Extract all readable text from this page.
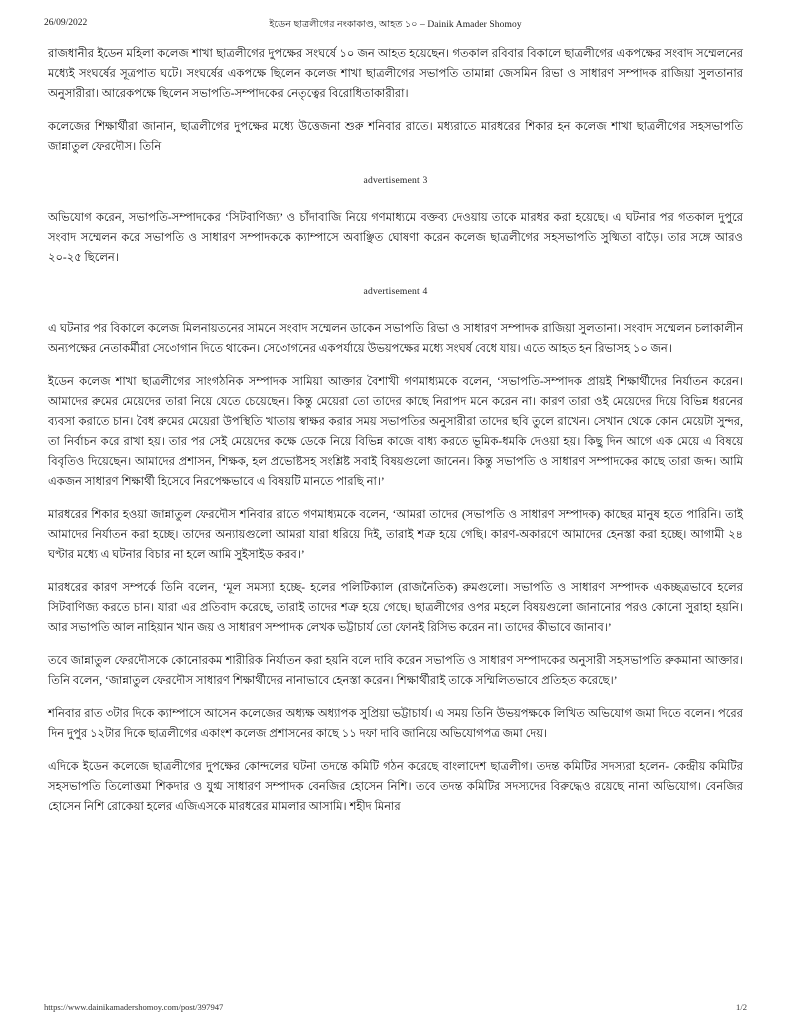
26/09/2022	ইডেন ছাত্রলীগের নংকাকাণ্ড, আহত ১০ – Dainik Amader Shomoy

রাজধানীর ইডেন মহিলা কলেজ শাখা ছাত্রলীগের দুপক্ষের সংঘর্ষে ১০ জন আহত হয়েছেন। গতকাল রবিবার বিকালে ছাত্রলীগের একপক্ষের সংবাদ সম্মেলনের মধ্যেই সংঘর্ষের সূত্রপাত ঘটে। সংঘর্ষের একপক্ষে ছিলেন কলেজ শাখা ছাত্রলীগের সভাপতি তামান্না জেসমিন রিভা ও সাধারণ সম্পাদক রাজিয়া সুলতানার অনুসারীরা। আরেকপক্ষে ছিলেন সভাপতি-সম্পাদকের নেতৃত্বের বিরোধিতাকারীরা।

কলেজের শিক্ষার্থীরা জানান, ছাত্রলীগের দুপক্ষের মধ্যে উত্তেজনা শুরু শনিবার রাতে। মধ্যরাতে মারধরের শিকার হন কলেজ শাখা ছাত্রলীগের সহসভাপতি জান্নাতুল ফেরদৌস। তিনি

advertisement 3

অভিযোগ করেন, সভাপতি-সম্পাদকের ‘সিটবাণিজ্য’ ও চাঁদাবাজি নিয়ে গণমাধ্যমে বক্তব্য দেওয়ায় তাকে মারধর করা হয়েছে। এ ঘটনার পর গতকাল দুপুরে সংবাদ সম্মেলন করে সভাপতি ও সাধারণ সম্পাদককে ক্যাম্পাসে অবাঞ্ছিত ঘোষণা করেন কলেজ ছাত্রলীগের সহসভাপতি সুষ্মিতা বাড়ৈ। তার সঙ্গে আরও ২০-২৫ ছিলেন।

advertisement 4

এ ঘটনার পর বিকালে কলেজ মিলনায়তনের সামনে সংবাদ সম্মেলন ডাকেন সভাপতি রিভা ও সাধারণ সম্পাদক রাজিয়া সুলতানা। সংবাদ সম্মেলন চলাকালীন অন্যপক্ষের নেতাকর্মীরা সে৩োগান দিতে থাকেন। সে৩োগনের একপর্যায়ে উভয়পক্ষের মধ্যে সংঘর্ষ বেধে যায়। এতে আহত হন রিভাসহ ১০ জন।

ইডেন কলেজ শাখা ছাত্রলীগের সাংগঠনিক সম্পাদক সামিয়া আক্তার বৈশাখী গণমাধ্যমকে বলেন, ‘সভাপতি-সম্পাদক প্রায়ই শিক্ষার্থীদের নির্যাতন করেন। আমাদের রুমের মেয়েদের তারা নিয়ে যেতে চেয়েছেন। কিন্তু মেয়েরা তো তাদের কাছে নিরাপদ মনে করেন না। কারণ তারা ওই মেয়েদের দিয়ে বিভিন্ন ধরনের ব্যবসা করাতে চান। বৈধ রুমের মেয়েরা উপস্থিতি খাতায় স্বাক্ষর করার সময় সভাপতির অনুসারীরা তাদের ছবি তুলে রাখেন। সেখান থেকে কোন মেয়েটা সুন্দর, তা নির্বাচন করে রাখা হয়। তার পর সেই মেয়েদের কক্ষে ডেকে নিয়ে বিভিন্ন কাজে বাধ্য করতে ভূমিক-ধমকি দেওয়া হয়। কিছু দিন আগে এক মেয়ে এ বিষয়ে বিবৃতিও দিয়েছেন। আমাদের প্রশাসন, শিক্ষক, হল প্রভোষ্টসহ সংশ্লিষ্ট সবাই বিষয়গুলো জানেন। কিন্তু সভাপতি ও সাধারণ সম্পাদকের কাছে তারা জব্দ। আমি একজন সাধারণ শিক্ষার্থী হিসেবে নিরপেক্ষভাবে এ বিষয়টি মানতে পারছি না।’

মারধরের শিকার হওয়া জান্নাতুল ফেরদৌস শনিবার রাতে গণমাধ্যমকে বলেন, ‘আমরা তাদের (সভাপতি ও সাধারণ সম্পাদক) কাছের মানুষ হতে পারিনি। তাই আমাদের নির্যাতন করা হচ্ছে। তাদের অন্যায়গুলো আমরা যারা ধরিয়ে দিই, তারাই শত্রু হয়ে গেছি। কারণ-অকারণে আমাদের হেনস্তা করা হচ্ছে। আগামী ২৪ ঘণ্টার মধ্যে এ ঘটনার বিচার না হলে আমি সুইসাইড করব।’

মারধরের কারণ সম্পর্কে তিনি বলেন, ‘মূল সমস্যা হচ্ছে- হলের পলিটিক্যাল (রাজনৈতিক) রুমগুলো। সভাপতি ও সাধারণ সম্পাদক একচ্ছত্রভাবে হলের সিটবাণিজ্য করতে চান। যারা এর প্রতিবাদ করেছে, তারাই তাদের শত্রু হয়ে গেছে। ছাত্রলীগের ওপর মহলে বিষয়গুলো জানানোর পরও কোনো সুরাহা হয়নি। আর সভাপতি আল নাহিয়ান খান জয় ও সাধারণ সম্পাদক লেখক ভট্টাচার্য তো ফোনই রিসিভ করেন না। তাদের কীভাবে জানাব।’

তবে জান্নাতুল ফেরদৌসকে কোনোরকম শারীরিক নির্যাতন করা হয়নি বলে দাবি করেন সভাপতি ও সাধারণ সম্পাদকের অনুসারী সহসভাপতি রুকমানা আক্তার। তিনি বলেন, ‘জান্নাতুল ফেরদৌস সাধারণ শিক্ষার্থীদের নানাভাবে হেনস্তা করেন। শিক্ষার্থীরাই তাকে সম্মিলিতভাবে প্রতিহত করেছে।’

শনিবার রাত ৩টার দিকে ক্যাম্পাসে আসেন কলেজের অধ্যক্ষ অধ্যাপক সুপ্রিয়া ভট্টাচার্য। এ সময় তিনি উভয়পক্ষকে লিখিত অভিযোগ জমা দিতে বলেন। পরের দিন দুপুর ১২টার দিকে ছাত্রলীগের একাংশ কলেজ প্রশাসনের কাছে ১১ দফা দাবি জানিয়ে অভিযোগপত্র জমা দেয়।

এদিকে ইডেন কলেজে ছাত্রলীগের দুপক্ষের কোন্দলের ঘটনা তদন্তে কমিটি গঠন করেছে বাংলাদেশ ছাত্রলীগ। তদন্ত কমিটির সদস্যরা হলেন- কেন্দ্রীয় কমিটির সহসভাপতি তিলোত্তমা শিকদার ও যুগ্ম সাধারণ সম্পাদক বেনজির হোসেন নিশি। তবে তদন্ত কমিটির সদস্যদের বিরুদ্ধেও রয়েছে নানা অভিযোগ। বেনজির হোসেন নিশি রোকেয়া হলের এজিএসকে মারধরের মামলার আসামি। শহীদ মিনার

https://www.dainikamadershomoy.com/post/397947	1/2
